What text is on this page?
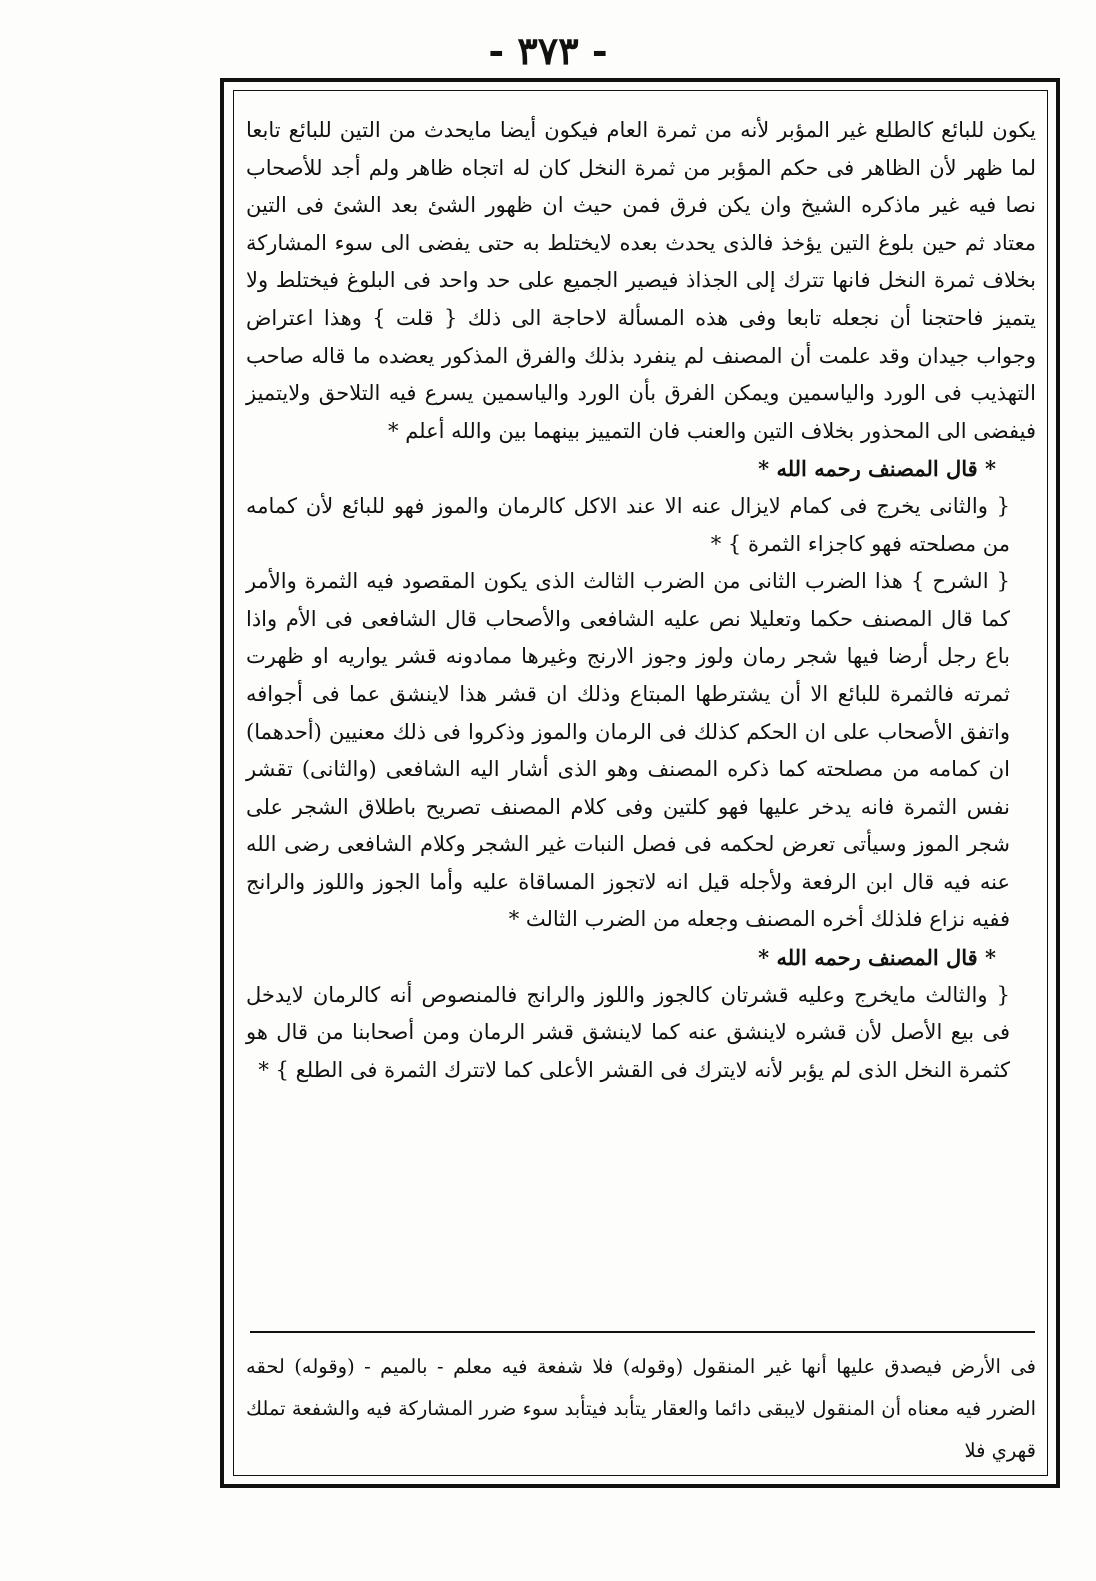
- ٣٧٣ -

يكون للبائع كالطلع غير المؤبر لأنه من ثمرة العام فيكون أيضا مايحدث من التين للبائع تابعا لما ظهر لأن الظاهر فى حكم المؤبر من ثمرة النخل كان له اتجاه ظاهر ولم أجد للأصحاب نصا فيه غير ماذكره الشيخ وان يكن فرق فمن حيث ان ظهور الشئ بعد الشئ فى التين معتاد ثم حين بلوغ التين يؤخذ فالذى يحدث بعده لايختلط به حتى يفضى الى سوء المشاركة بخلاف ثمرة النخل فانها تترك إلى الجذاذ فيصير الجميع على حد واحد فى البلوغ فيختلط ولا يتميز فاحتجنا أن نجعله تابعا وفى هذه المسألة لاحاجة الى ذلك { قلت } وهذا اعتراض وجواب جيدان وقد علمت أن المصنف لم ينفرد بذلك والفرق المذكور يعضده ما قاله صاحب التهذيب فى الورد والياسمين ويمكن الفرق بأن الورد والياسمين يسرع فيه التلاحق ولايتميز فيفضى الى المحذور بخلاف التين والعنب فان التمييز بينهما بين والله أعلم *

* قال المصنف رحمه الله *

{ والثانى يخرج فى كمام لايزال عنه الا عند الاكل كالرمان والموز فهو للبائع لأن كمامه من مصلحته فهو كاجزاء الثمرة } *

{ الشرح } هذا الضرب الثانى من الضرب الثالث الذى يكون المقصود فيه الثمرة والأمر كما قال المصنف حكما وتعليلا نص عليه الشافعى والأصحاب قال الشافعى فى الأم واذا باع رجل أرضا فيها شجر رمان ولوز وجوز الارنج وغيرها ممادونه قشر يواريه او ظهرت ثمرته فالثمرة للبائع الا أن يشترطها المبتاع وذلك ان قشر هذا لاينشق عما فى أجوافه واتفق الأصحاب على ان الحكم كذلك فى الرمان والموز وذكروا فى ذلك معنيين (أحدهما) ان كمامه من مصلحته كما ذكره المصنف وهو الذى أشار اليه الشافعى (والثانى) تقشر نفس الثمرة فانه يدخر عليها فهو كلتين وفى كلام المصنف تصريح باطلاق الشجر على شجر الموز وسيأتى تعرض لحكمه فى فصل النبات غير الشجر وكلام الشافعى رضى الله عنه فيه قال ابن الرفعة ولأجله قيل انه لاتجوز المساقاة عليه وأما الجوز واللوز والرانج ففيه نزاع فلذلك أخره المصنف وجعله من الضرب الثالث *

* قال المصنف رحمه الله *

{ والثالث مايخرج وعليه قشرتان كالجوز واللوز والرانج فالمنصوص أنه كالرمان لايدخل فى بيع الأصل لأن قشره لاينشق عنه كما لاينشق قشر الرمان ومن أصحابنا من قال هو كثمرة النخل الذى لم يؤبر لأنه لايترك فى القشر الأعلى كما لاتترك الثمرة فى الطلع } *

فى الأرض فيصدق عليها أنها غير المنقول (وقوله) فلا شفعة فيه معلم - بالميم - (وقوله) لحقه الضرر فيه معناه أن المنقول لايبقى دائما والعقار يتأبد فيتأبد سوء ضرر المشاركة فيه والشفعة تملك قهري فلا
